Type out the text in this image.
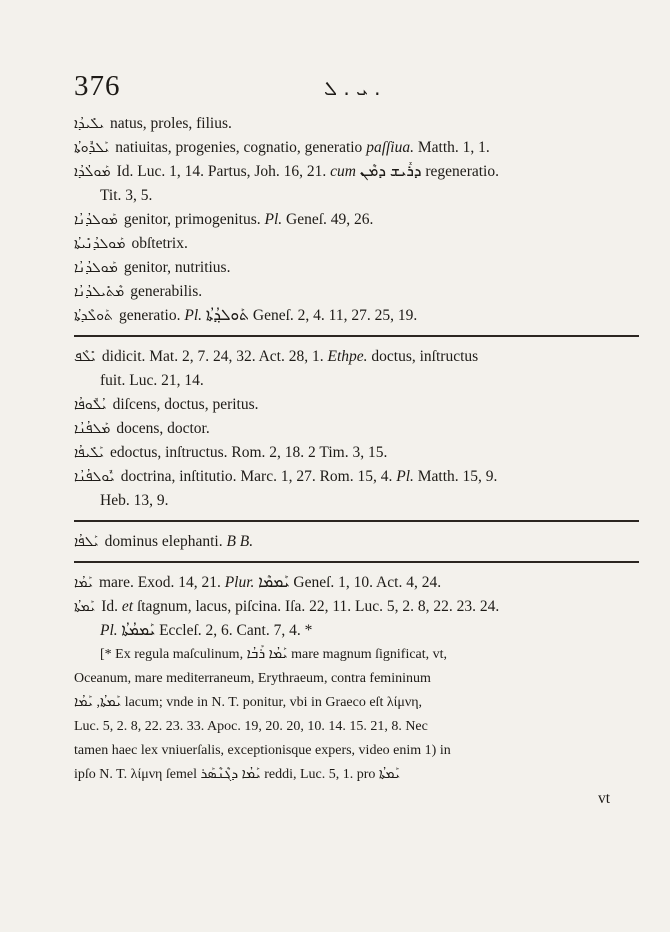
376	ܝ . ܠ .
ܝܠܺܝܕܳܐ natus, proles, filius.
ܝܰܠܕܽܘܬܳܐ natiuitas, progenies, cognatio, generatio paſſiua. Matth. 1, 1.
ܡܰܘܠܳܕܳܐ Id. Luc. 1, 14. Partus, Joh. 16, 21. cum ܕܪܺܝܫ ܕܡܶܢ regeneratio.
Tit. 3, 5.
ܡܰܘܠܕܳܢܳܐ genitor, primogenitus. Pl. Geneſ. 49, 26.
ܡܰܘܠܕܳܢܺܝܬܳܐ obſtetrix.
ܡܰܘܠܕܳܢܳܐ genitor, nutritius.
ܡܶܬܺܝܠܕܳܢܳܐ generabilis.
ܬܰܘܠܶܕܬܳܐ generatio. Pl. ܬܰܘܠܕ݂ܳܬܳܐ Geneſ. 2, 4. 11, 27. 25, 19.
ܝܺܠܶܦ didicit. Mat. 2, 7. 24, 32. Act. 28, 1. Ethpe. doctus, inſtructus
fuit. Luc. 21, 14.
ܝܳܠܽܘܦܳܐ diſcens, doctus, peritus.
ܡܰܠܦܳܢܳܐ docens, doctor.
ܝܰܠܺܝܦܳܐ edoctus, inſtructus. Rom. 2, 18. 2 Tim. 3, 15.
ܝܽܘܠܦܳܢܳܐ doctrina, inſtitutio. Marc. 1, 27. Rom. 15, 4. Pl. Matth. 15, 9.
Heb. 13, 9.
ܝܰܠܦܳܐ dominus elephanti. B B.
ܝܰܡܳܐ mare. Exod. 14, 21. Plur. ܝܰܡܡܶܐ Geneſ. 1, 10. Act. 4, 24.
ܝܰܡܬܳܐ Id. et ſtagnum, lacus, piſcina. Iſa. 22, 11. Luc. 5, 2. 8, 22. 23. 24.
Pl. ܝܰܡܡܳܬܳܐ Eccleſ. 2, 6. Cant. 7, 4. *
[* Ex regula maſculinum, ܝܰܡܳܐ ܪܰܒܳܐ mare magnum ſignificat, vt,
Oceanum, mare mediterraneum, Erythraeum, contra femininum
ܝܰܡܬܳܐ, ܝܰܡܳܐ lacum; vnde in N. T. ponitur, vbi in Graeco eſt λίμνη,
Luc. 5, 2. 8, 22. 23. 33. Apoc. 19, 20. 20, 10. 14. 15. 21, 8. Nec
tamen haec lex vniuerſalis, exceptionisque expers, video enim 1) in
ipſo N. T. λίμνη ſemel ܝܰܡܳܐ ܕܓܶܢܶܣܰܪ reddi, Luc. 5, 1. pro ܝܰܡܬܳܐ
vt
